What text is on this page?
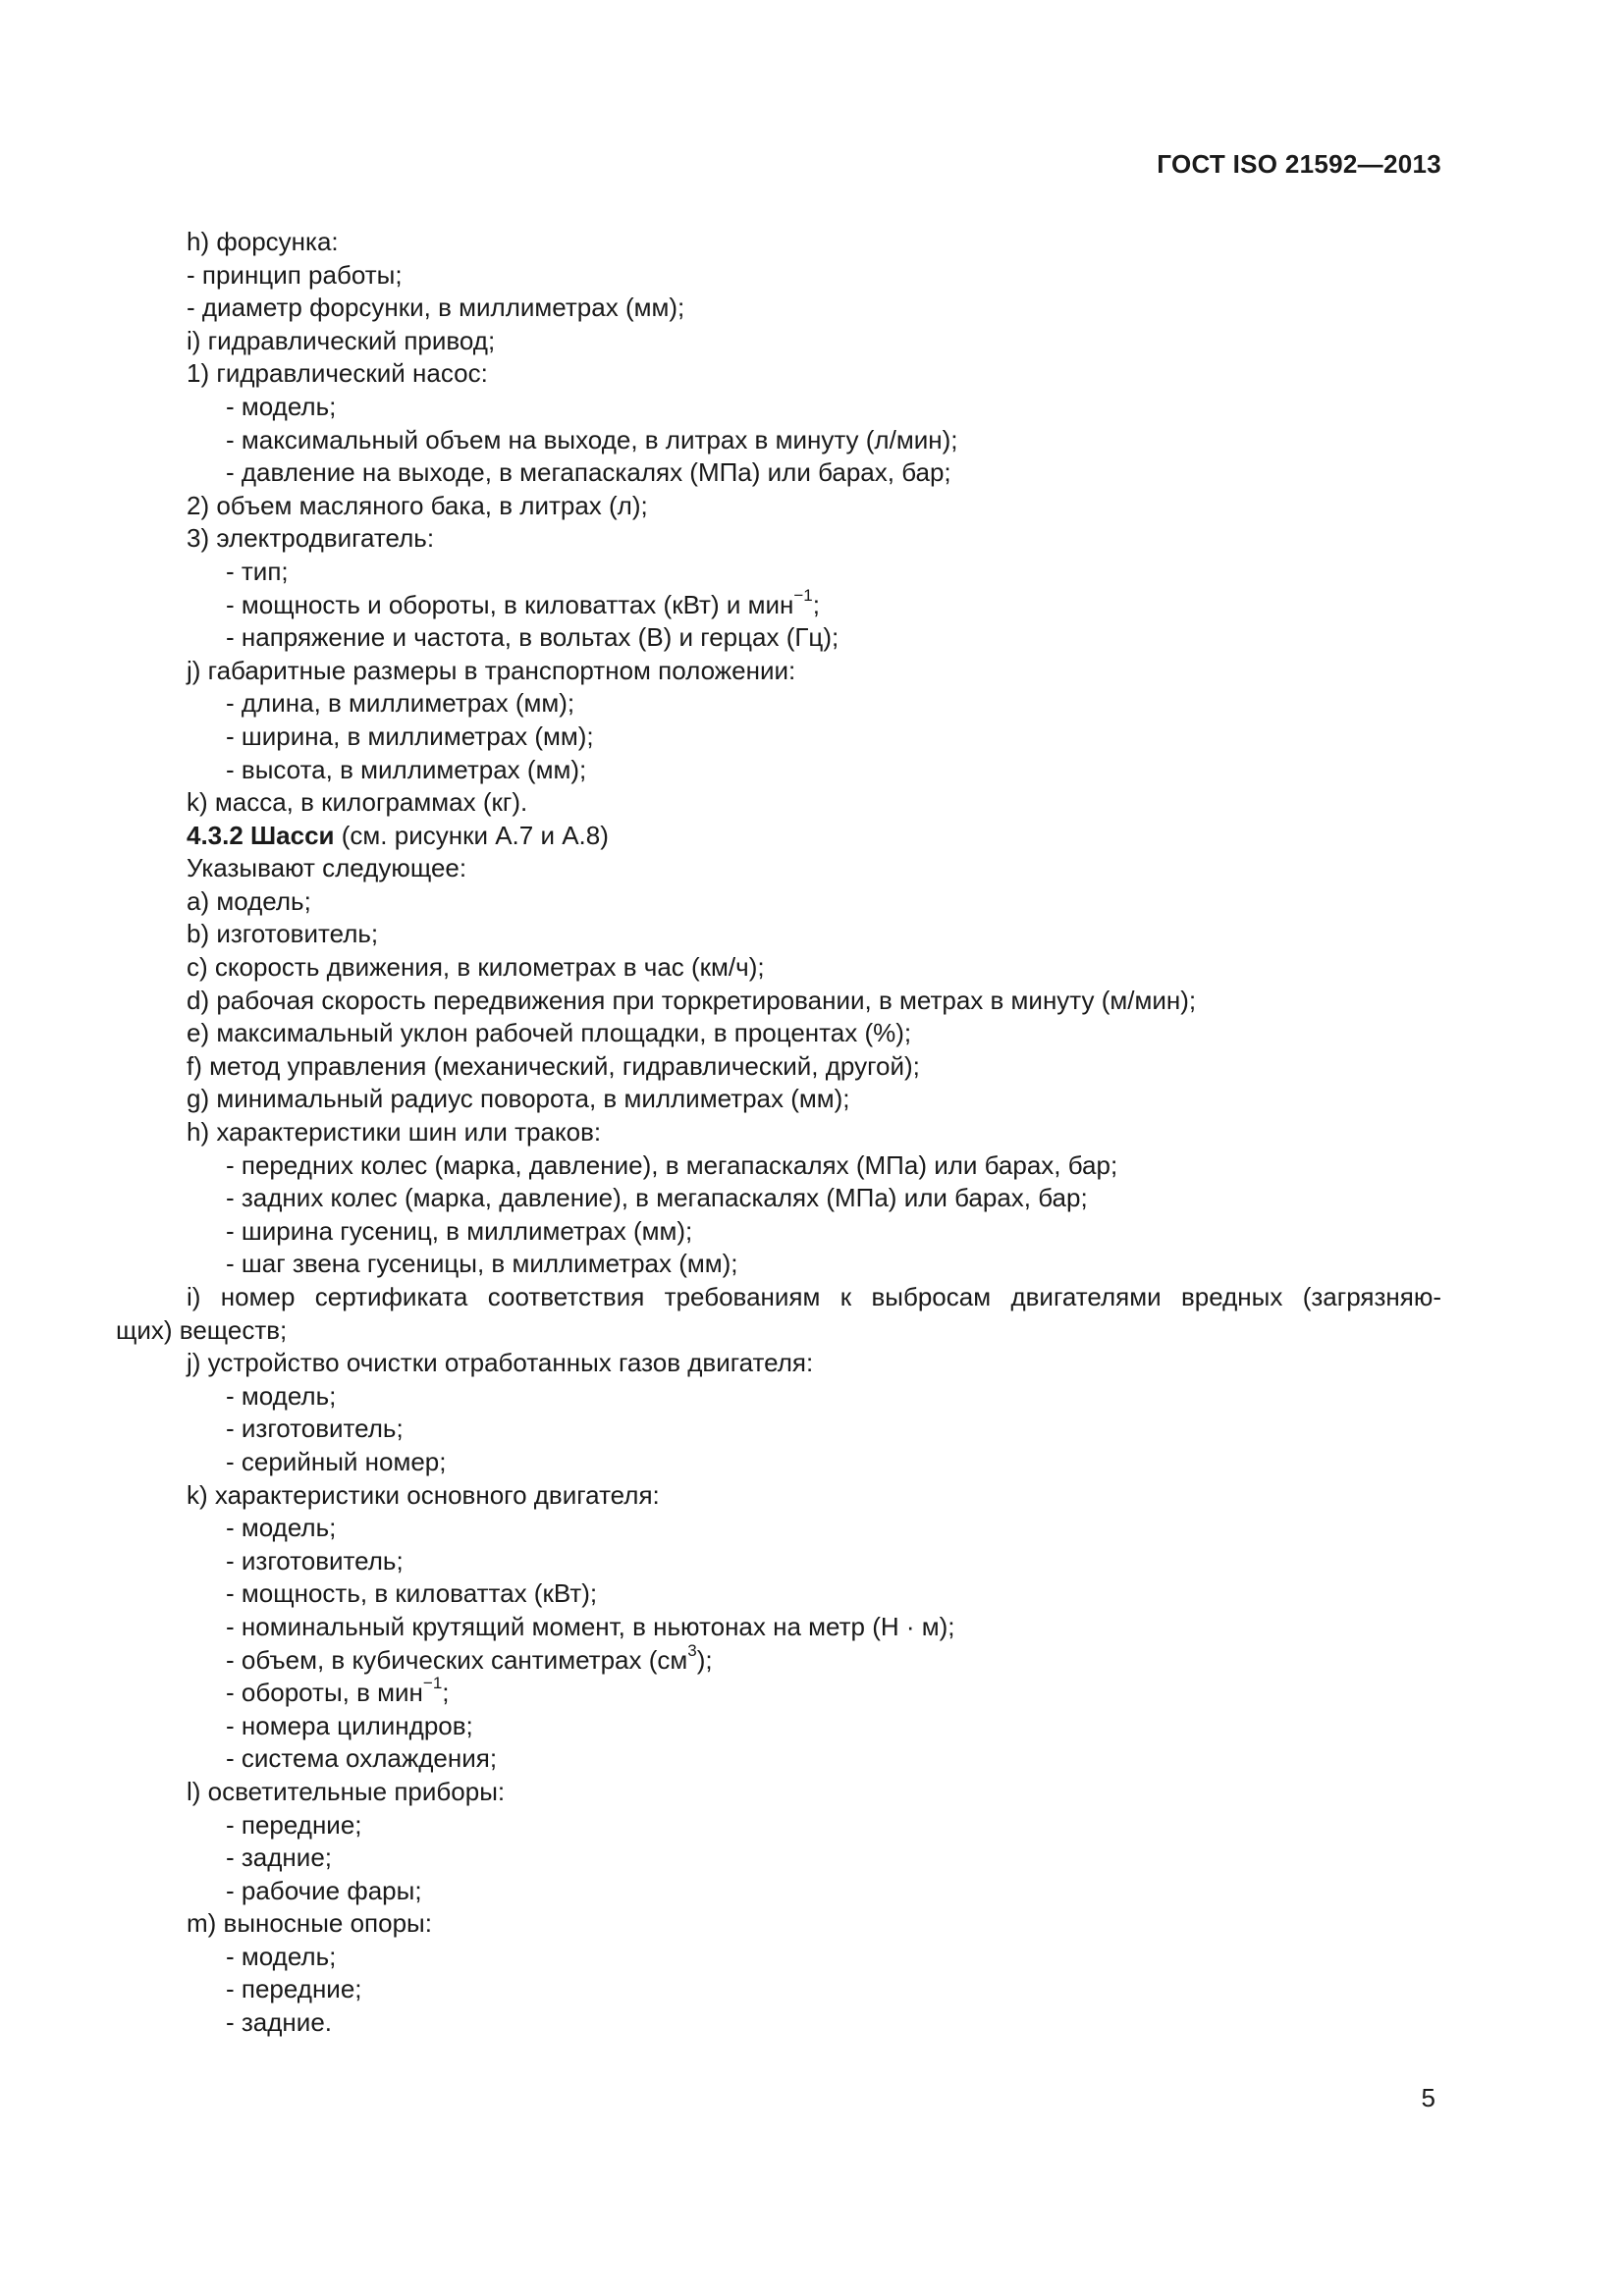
ГОСТ ISO 21592—2013
h) форсунка:
- принцип работы;
- диаметр форсунки, в миллиметрах (мм);
i) гидравлический привод;
1) гидравлический насос:
- модель;
- максимальный объем на выходе, в литрах в минуту (л/мин);
- давление на выходе, в мегапаскалях (МПа) или барах, бар;
2) объем масляного бака, в литрах (л);
3) электродвигатель:
- тип;
- мощность и обороты, в киловаттах (кВт) и мин$^{-1}$;
- напряжение и частота, в вольтах (В) и герцах (Гц);
j) габаритные размеры в транспортном положении:
- длина, в миллиметрах (мм);
- ширина, в миллиметрах (мм);
- высота, в миллиметрах (мм);
k) масса, в килограммах (кг).
4.3.2 Шасси (см. рисунки А.7 и А.8)
Указывают следующее:
a) модель;
b) изготовитель;
c) скорость движения, в километрах в час (км/ч);
d) рабочая скорость передвижения при торкретировании, в метрах в минуту (м/мин);
e) максимальный уклон рабочей площадки, в процентах (%);
f) метод управления (механический, гидравлический, другой);
g) минимальный радиус поворота, в миллиметрах (мм);
h) характеристики шин или траков:
- передних колес (марка, давление), в мегапаскалях (МПа) или барах, бар;
- задних колес (марка, давление), в мегапаскалях (МПа) или барах, бар;
- ширина гусениц, в миллиметрах (мм);
- шаг звена гусеницы, в миллиметрах (мм);
i) номер сертификата соответствия требованиям к выбросам двигателями вредных (загрязняю-
щих) веществ;
j) устройство очистки отработанных газов двигателя:
- модель;
- изготовитель;
- серийный номер;
k) характеристики основного двигателя:
- модель;
- изготовитель;
- мощность, в киловаттах (кВт);
- номинальный крутящий момент, в ньютонах на метр (Н · м);
- объем, в кубических сантиметрах $(см^3)$;
- обороты, в мин$^{-1}$;
- номера цилиндров;
- система охлаждения;
l) осветительные приборы:
- передние;
- задние;
- рабочие фары;
m) выносные опоры:
- модель;
- передние;
- задние.
5
